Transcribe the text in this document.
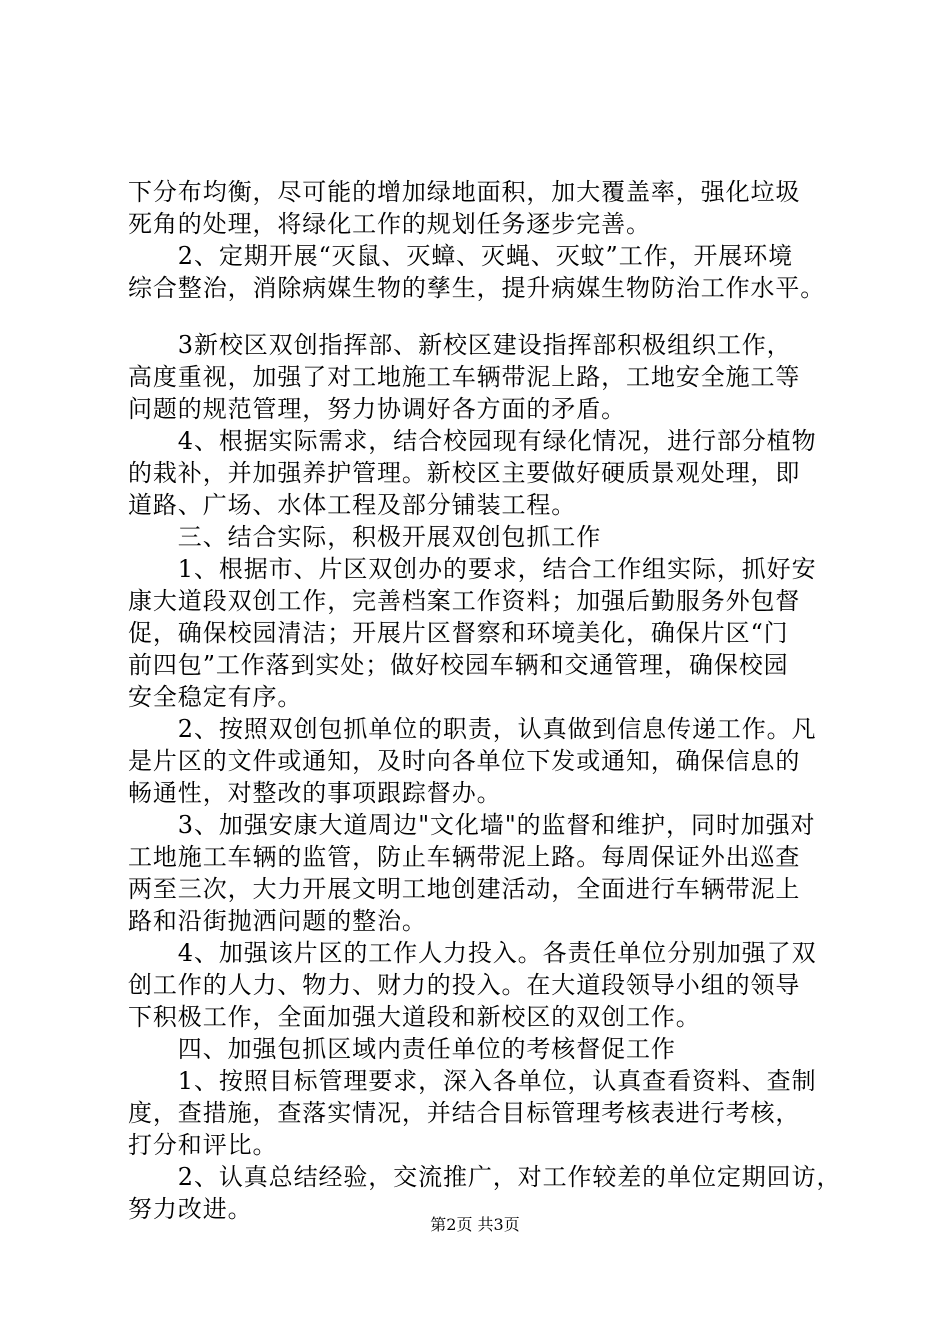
下分布均衡，尽可能的增加绿地面积，加大覆盖率，强化垃圾
死角的处理，将绿化工作的规划任务逐步完善。
　　2、定期开展“灭鼠、灭蟑、灭蝇、灭蚊”工作，开展环境
综合整治，消除病媒生物的孳生，提升病媒生物防治工作水平。
　　3新校区双创指挥部、新校区建设指挥部积极组织工作，
高度重视，加强了对工地施工车辆带泥上路，工地安全施工等
问题的规范管理，努力协调好各方面的矛盾。
　　4、根据实际需求，结合校园现有绿化情况，进行部分植物
的栽补，并加强养护管理。新校区主要做好硬质景观处理，即
道路、广场、水体工程及部分铺装工程。
　　三、结合实际，积极开展双创包抓工作
　　1、根据市、片区双创办的要求，结合工作组实际，抓好安
康大道段双创工作，完善档案工作资料；加强后勤服务外包督
促，确保校园清洁；开展片区督察和环境美化，确保片区“门
前四包”工作落到实处；做好校园车辆和交通管理，确保校园
安全稳定有序。
　　2、按照双创包抓单位的职责，认真做到信息传递工作。凡
是片区的文件或通知，及时向各单位下发或通知，确保信息的
畅通性，对整改的事项跟踪督办。
　　3、加强安康大道周边"文化墙"的监督和维护，同时加强对
工地施工车辆的监管，防止车辆带泥上路。每周保证外出巡查
两至三次，大力开展文明工地创建活动，全面进行车辆带泥上
路和沿街抛洒问题的整治。
　　4、加强该片区的工作人力投入。各责任单位分别加强了双
创工作的人力、物力、财力的投入。在大道段领导小组的领导
下积极工作，全面加强大道段和新校区的双创工作。
　　四、加强包抓区域内责任单位的考核督促工作
　　1、按照目标管理要求，深入各单位，认真查看资料、查制
度，查措施，查落实情况，并结合目标管理考核表进行考核，
打分和评比。
　　2、认真总结经验，交流推广，对工作较差的单位定期回访，
努力改进。
第2页 共3页
